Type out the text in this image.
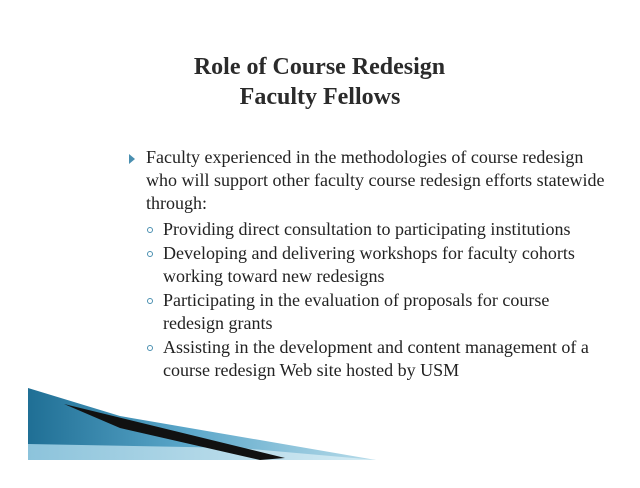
Role of Course Redesign
Faculty Fellows
Faculty experienced in the methodologies of course redesign who will support other faculty course redesign efforts statewide through:
Providing direct consultation to participating institutions
Developing and delivering workshops for faculty cohorts working toward new redesigns
Participating in the evaluation of proposals for course redesign grants
Assisting in the development and content management of a course redesign Web site hosted by USM
